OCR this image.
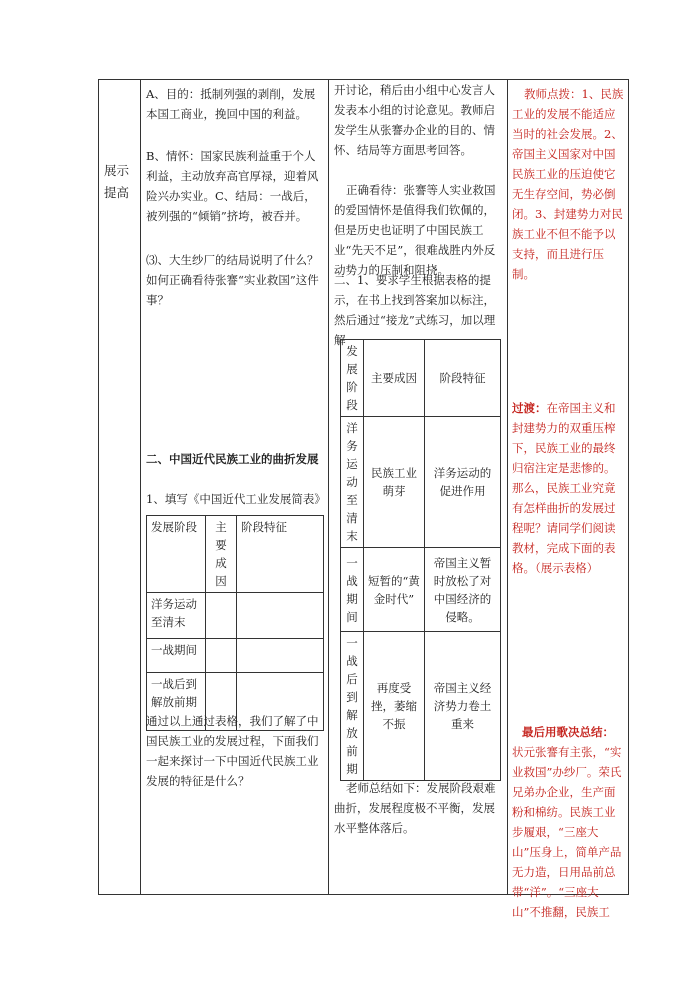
展示提高
A、目的：抵制列强的剥削，发展本国工商业，挽回中国的利益。
B、情怀：国家民族利益重于个人利益，主动放弃高官厚禄，迎着风险兴办实业。C、结局：一战后，被列强的“倾销”挤垮，被吞并。
⑶、大生纱厂的结局说明了什么？如何正确看待张謇“实业救国”这件事？
二、中国近代民族工业的曲折发展
1、填写《中国近代工业发展简表》
发展阶段	主要成因	阶段特征
洋务运动至清末		
一战期间		
一战后到解放前期		
通过以上通过表格，我们了解了中国民族工业的发展过程，下面我们一起来探讨一下中国近代民族工业发展的特征是什么？
开讨论，稍后由小组中心发言人发表本小组的讨论意见。教师启发学生从张謇办企业的目的、情怀、结局等方面思考回答。
正确看待：张謇等人实业救国的爱国情怀是值得我们钦佩的，但是历史也证明了中国民族工业“先天不足”，很难战胜内外反动势力的压制和阻挠。
二、1、要求学生根据表格的提示，在书上找到答案加以标注，然后通过“接龙”式练习，加以理解
发展阶段	主要成因	阶段特征
洋务运动至清末	民族工业萌芽	洋务运动的促进作用
一战期间	短暂的“黄金时代”	帝国主义暂时放松了对中国经济的侵略。
一战后到解放前期	再度受挫，萎缩不振	帝国主义经济势力卷土重来
老师总结如下：发展阶段艰难曲折，发展程度极不平衡，发展水平整体落后。
教师点拨：1、民族工业的发展不能适应当时的社会发展。2、帝国主义国家对中国民族工业的压迫使它无生存空间，势必倒闭。3、封建势力对民族工业不但不能予以支持，而且进行压制。
过渡：在帝国主义和封建势力的双重压榨下，民族工业的最终归宿注定是悲惨的。那么，民族工业究竟有怎样曲折的发展过程呢？请同学们阅读教材，完成下面的表格。（展示表格）
最后用歌决总结：
状元张謇有主张，“实业救国”办纱厂。荣氏兄弟办企业，生产面粉和棉纺。民族工业步履艰，“三座大山”压身上，简单产品无力造，日用品前总带“洋”。“三座大山”不推翻，民族工
